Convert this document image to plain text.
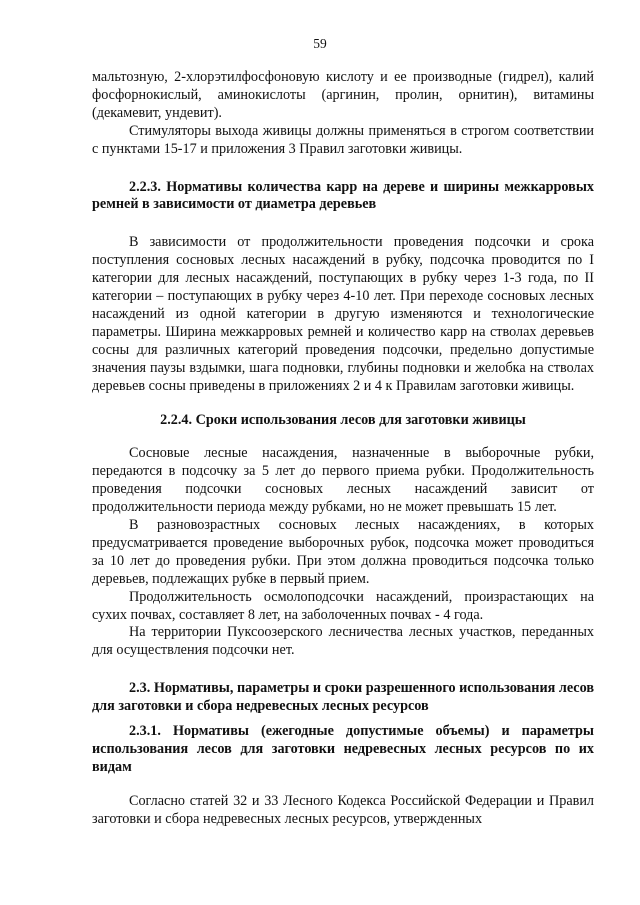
59

мальтозную, 2-хлорэтилфосфоновую кислоту и ее производные (гидрел), калий фосфорнокислый, аминокислоты (аргинин, пролин, орнитин), витамины (декамевит, ундевит).

Стимуляторы выхода живицы должны применяться в строгом соответствии с пунктами 15-17 и приложения 3 Правил заготовки живицы.

2.2.3. Нормативы количества карр на дереве и ширины межкарровых ремней в зависимости от диаметра деревьев

В зависимости от продолжительности проведения подсочки и срока поступления сосновых лесных насаждений в рубку, подсочка проводится по I категории для лесных насаждений, поступающих в рубку через 1-3 года, по II категории – поступающих в рубку через 4-10 лет. При переходе сосновых лесных насаждений из одной категории в другую изменяются и технологические параметры. Ширина межкарровых ремней и количество карр на стволах деревьев сосны для различных категорий проведения подсочки, предельно допустимые значения паузы вздымки, шага подновки, глубины подновки и желобка на стволах деревьев сосны приведены в приложениях 2 и 4 к Правилам заготовки живицы.

2.2.4. Сроки использования лесов для заготовки живицы

Сосновые лесные насаждения, назначенные в выборочные рубки, передаются в подсочку за 5 лет до первого приема рубки. Продолжительность проведения подсочки сосновых лесных насаждений зависит от продолжительности периода между рубками, но не может превышать 15 лет.

В разновозрастных сосновых лесных насаждениях, в которых предусматривается проведение выборочных рубок, подсочка может проводиться за 10 лет до проведения рубки. При этом должна проводиться подсочка только деревьев, подлежащих рубке в первый прием.

Продолжительность осмолоподсочки насаждений, произрастающих на сухих почвах, составляет 8 лет, на заболоченных почвах - 4 года.

На территории Пуксоозерского лесничества лесных участков, переданных для осуществления подсочки нет.

2.3. Нормативы, параметры и сроки разрешенного использования лесов для заготовки и сбора недревесных лесных ресурсов

2.3.1. Нормативы (ежегодные допустимые объемы) и параметры использования лесов для заготовки недревесных лесных ресурсов по их видам

Согласно статей 32 и 33 Лесного Кодекса Российской Федерации и Правил заготовки и сбора недревесных лесных ресурсов, утвержденных
